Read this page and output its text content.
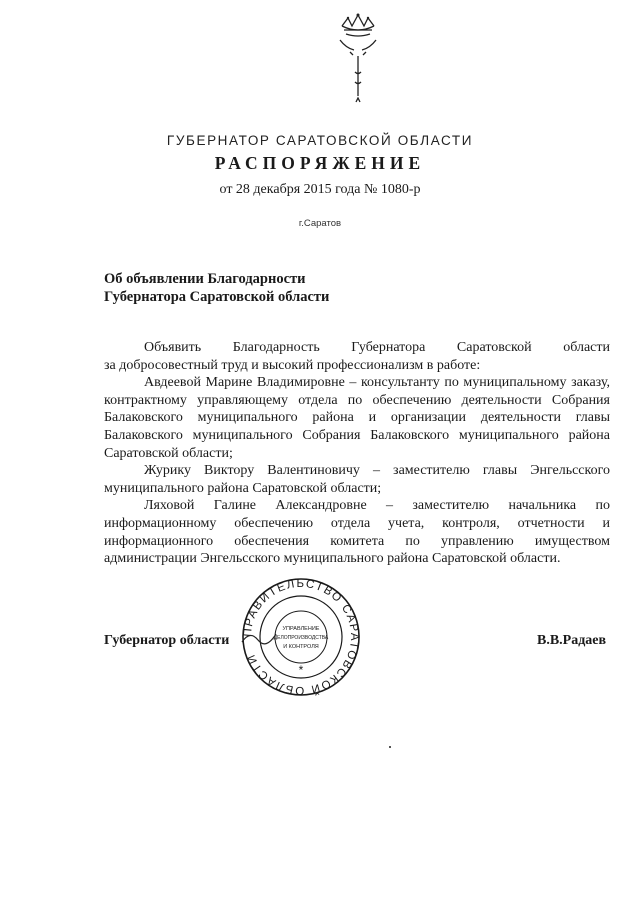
ГУБЕРНАТОР САРАТОВСКОЙ ОБЛАСТИ
РАСПОРЯЖЕНИЕ
от 28 декабря 2015 года № 1080-р
г.Саратов
Об объявлении Благодарности
Губернатора Саратовской области

Объявить Благодарность Губернатора Саратовской области

за добросовестный труд и высокий профессионализм в работе:

Авдеевой Марине Владимировне – консультанту по муниципальному заказу, контрактному управляющему отдела по обеспечению деятельности Собрания Балаковского муниципального района и организации деятельности главы Балаковского муниципального Собрания Балаковского муниципального района Саратовской области;

Журику Виктору Валентиновичу – заместителю главы Энгельсского муниципального района Саратовской области;

Ляховой Галине Александровне – заместителю начальника по информационному обеспечению отдела учета, контроля, отчетности и информационного обеспечения комитета по управлению имуществом администрации Энгельсского муниципального района Саратовской области.

Губернатор области	В.В.Радаев
ПРАВИТЕЛЬСТВО САРАТОВСКОЙ ОБЛАСТИ
УПРАВЛЕНИЕ
ДЕЛОПРОИЗВОДСТВА
И КОНТРОЛЯ
*
